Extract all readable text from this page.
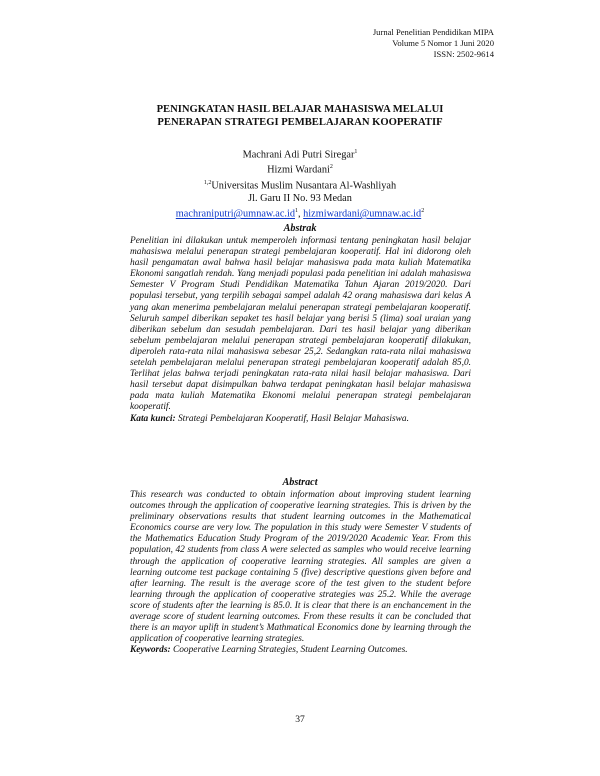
Jurnal Penelitian Pendidikan MIPA
Volume 5 Nomor 1 Juni 2020
ISSN: 2502-9614
PENINGKATAN HASIL BELAJAR MAHASISWA MELALUI
PENERAPAN STRATEGI PEMBELAJARAN KOOPERATIF
Machrani Adi Putri Siregar$^1$
Hizmi Wardani$^2$
$^{1,2}$Universitas Muslim Nusantara Al-Washliyah
Jl. Garu II No. 93 Medan
$machraniputri@umnaw.ac.id^1$, $hizmiwardani@umnaw.ac.id^2$
Abstrak
Penelitian ini dilakukan untuk memperoleh informasi tentang peningkatan hasil belajar mahasiswa melalui penerapan strategi pembelajaran kooperatif. Hal ini didorong oleh hasil pengamatan awal bahwa hasil belajar mahasiswa pada mata kuliah Matematika Ekonomi sangatlah rendah. Yang menjadi populasi pada penelitian ini adalah mahasiswa Semester V Program Studi Pendidikan Matematika Tahun Ajaran 2019/2020. Dari populasi tersebut, yang terpilih sebagai sampel adalah 42 orang mahasiswa dari kelas A yang akan menerima pembelajaran melalui penerapan strategi pembelajaran kooperatif. Seluruh sampel diberikan sepaket tes hasil belajar yang berisi 5 (lima) soal uraian yang diberikan sebelum dan sesudah pembelajaran. Dari tes hasil belajar yang diberikan sebelum pembelajaran melalui penerapan strategi pembelajaran kooperatif dilakukan, diperoleh rata-rata nilai mahasiswa sebesar 25,2. Sedangkan rata-rata nilai mahasiswa setelah pembelajaran melalui penerapan strategi pembelajaran kooperatif adalah 85,0. Terlihat jelas bahwa terjadi peningkatan rata-rata nilai hasil belajar mahasiswa. Dari hasil tersebut dapat disimpulkan bahwa terdapat peningkatan hasil belajar mahasiswa pada mata kuliah Matematika Ekonomi melalui penerapan strategi pembelajaran kooperatif.
Kata kunci: Strategi Pembelajaran Kooperatif, Hasil Belajar Mahasiswa.
Abstract
This research was conducted to obtain information about improving student learning outcomes through the application of cooperative learning strategies. This is driven by the preliminary observations results that student learning outcomes in the Mathematical Economics course are very low. The population in this study were Semester V students of the Mathematics Education Study Program of the 2019/2020 Academic Year. From this population, 42 students from class A were selected as samples who would receive learning through the application of cooperative learning strategies. All samples are given a learning outcome test package containing 5 (five) descriptive questions given before and after learning. The result is the average score of the test given to the student before learning through the application of cooperative strategies was 25.2. While the average score of students after the learning is 85.0. It is clear that there is an enchancement in the average score of student learning outcomes. From these results it can be concluded that there is an mayor uplift in student’s Mathmatical Economics done by learning through the application of cooperative learning strategies.
Keywords: Cooperative Learning Strategies, Student Learning Outcomes.
37
